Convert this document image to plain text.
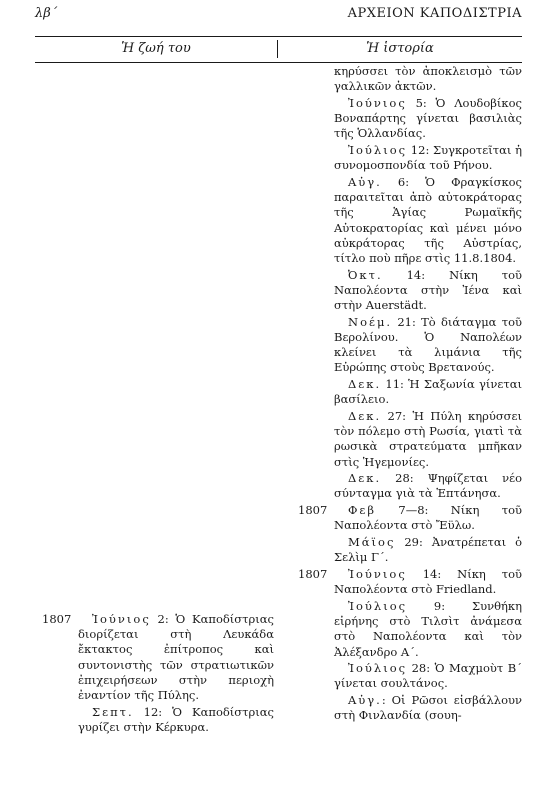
λβ΄	ΑΡΧΕΙΟΝ ΚΑΠΟΔΙΣΤΡΙΑ
Ἡ ζωή του	Ἡ ἱστορία

κηρύσσει τὸν ἀποκλεισμὸ τῶν γαλλικῶν ἀκτῶν.

Ἰούνιος 5: Ὁ Λουδοβίκος Βοναπάρτης γίνεται βασιλιὰς τῆς Ὁλλανδίας.

Ἰούλιος 12: Συγκροτεῖται ἡ συνομοσπονδία τοῦ Ρήνου.

Αὐγ. 6: Ὁ Φραγκίσκος παραιτεῖται ἀπὸ αὐτοκράτορας τῆς Ἁγίας Ρωμαϊκῆς Αὐτοκρατορίας καὶ μένει μόνο αὐκράτορας τῆς Αὐστρίας, τίτλο ποὺ πῆρε στὶς 11.8.1804.

Ὀκτ. 14: Νίκη τοῦ Ναπολέοντα στὴν Ἰένα καὶ στὴν Auerstädt.

Νοέμ. 21: Τὸ διάταγμα τοῦ Βερολίνου. Ὁ Ναπολέων κλείνει τὰ λιμάνια τῆς Εὐρώπης στοὺς Βρετανούς.

Δεκ. 11: Ἡ Σαξωνία γίνεται βασίλειο.

Δεκ. 27: Ἡ Πύλη κηρύσσει τὸν πόλεμο στὴ Ρωσία, γιατὶ τὰ ρωσικὰ στρατεύματα μπῆκαν στὶς Ἡγεμονίες.

Δεκ. 28: Ψηφίζεται νέο σύνταγμα γιὰ τὰ Ἑπτάνησα.

1807 Φεβ 7—8: Νίκη τοῦ Ναπολέοντα στὸ Ἔϋλω.

Μάϊος 29: Ἀνατρέπεται ὁ Σελὶμ Γ΄.

1807 Ἰούνιος 14: Νίκη τοῦ Ναπολέοντα στὸ Friedland.

Ἰούλιος 9: Συνθήκη εἰρήνης στὸ Τιλσὶτ ἀνάμεσα στὸ Ναπολέοντα καὶ τὸν Ἀλέξανδρο Α΄.

Ἰούλιος 28: Ὁ Μαχμοὺτ Β΄ γίνεται σουλτάνος.

Αὐγ.: Οἱ Ρῶσοι εἰσβάλλουν στὴ Φινλανδία (σουη-

1807 Ἰούνιος 2: Ὁ Καποδίστριας διορίζεται στὴ Λευκάδα ἔκτακτος ἐπίτροπος καὶ συντονιστὴς τῶν στρατιωτικῶν ἐπιχειρήσεων στὴν περιοχὴ ἐναντίον τῆς Πύλης.

Σεπτ. 12: Ὁ Καποδίστριας γυρίζει στὴν Κέρκυρα.
